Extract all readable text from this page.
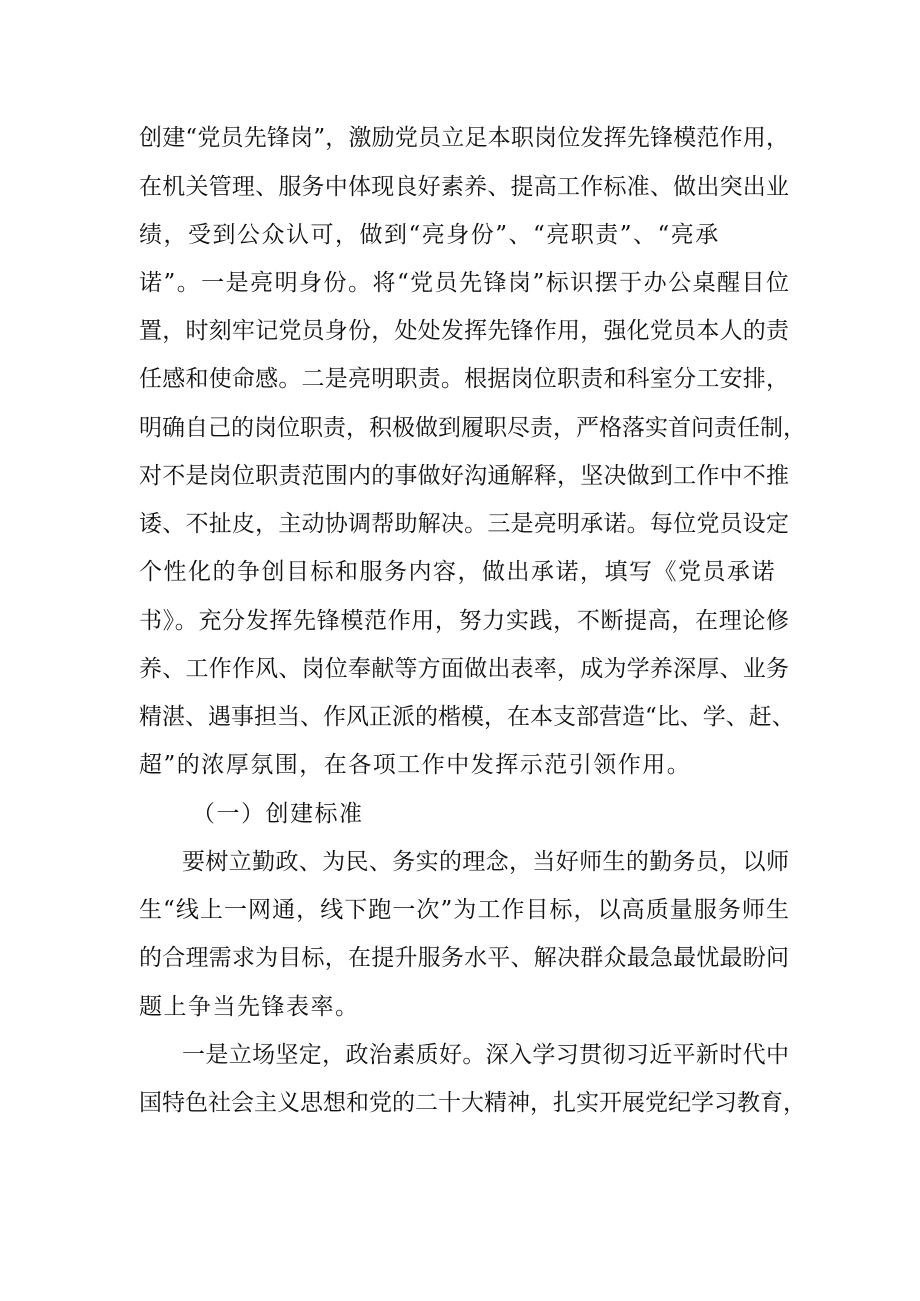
创建“党员先锋岗”，激励党员立足本职岗位发挥先锋模范作用，
在机关管理、服务中体现良好素养、提高工作标准、做出突出业
绩，受到公众认可，做到“亮身份”、“亮职责”、“亮承
诺”。一是亮明身份。将“党员先锋岗”标识摆于办公桌醒目位
置，时刻牢记党员身份，处处发挥先锋作用，强化党员本人的责
任感和使命感。二是亮明职责。根据岗位职责和科室分工安排，
明确自己的岗位职责，积极做到履职尽责，严格落实首问责任制，
对不是岗位职责范围内的事做好沟通解释，坚决做到工作中不推
诿、不扯皮，主动协调帮助解决。三是亮明承诺。每位党员设定
个性化的争创目标和服务内容，做出承诺，填写《党员承诺
书》。充分发挥先锋模范作用，努力实践，不断提高，在理论修
养、工作作风、岗位奉献等方面做出表率，成为学养深厚、业务
精湛、遇事担当、作风正派的楷模，在本支部营造“比、学、赶、
超”的浓厚氛围，在各项工作中发挥示范引领作用。
（一）创建标准
要树立勤政、为民、务实的理念，当好师生的勤务员，以师
生“线上一网通，线下跑一次”为工作目标，以高质量服务师生
的合理需求为目标，在提升服务水平、解决群众最急最忧最盼问
题上争当先锋表率。
一是立场坚定，政治素质好。深入学习贯彻习近平新时代中
国特色社会主义思想和党的二十大精神，扎实开展党纪学习教育，
